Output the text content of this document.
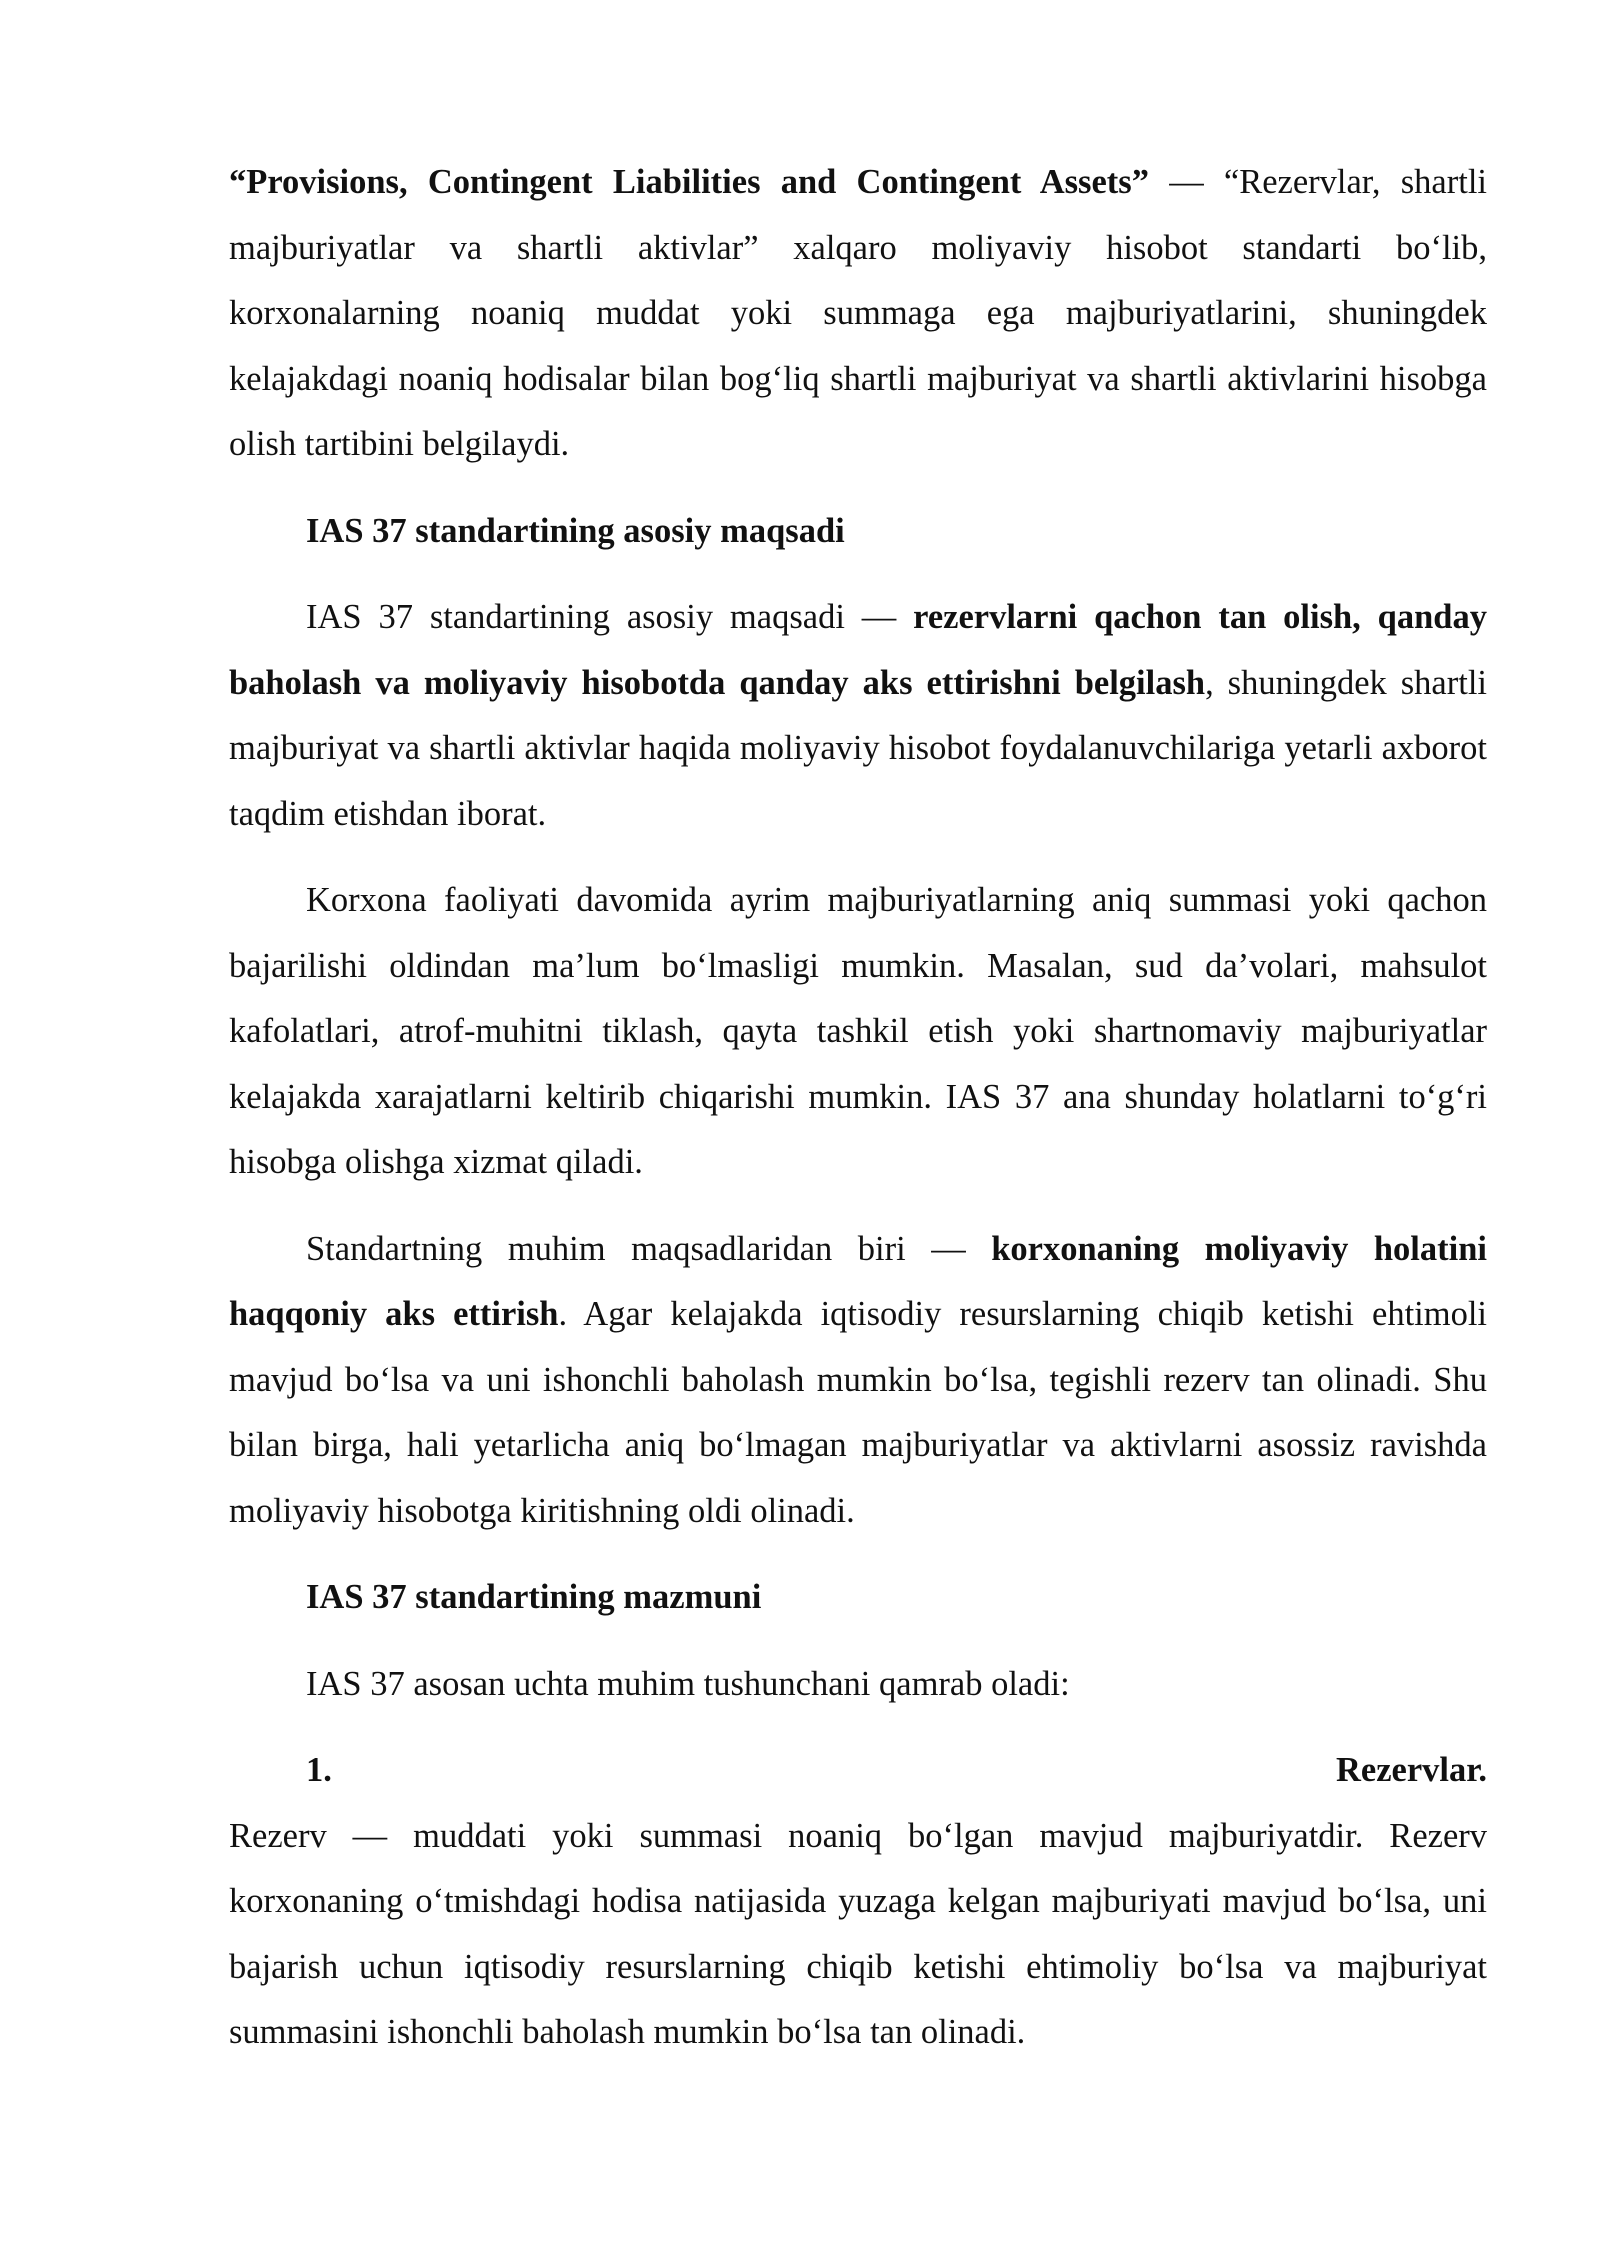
“Provisions, Contingent Liabilities and Contingent Assets” — “Rezervlar, shartli majburiyatlar va shartli aktivlar” xalqaro moliyaviy hisobot standarti bo‘lib, korxonalarning noaniq muddat yoki summaga ega majburiyatlarini, shuningdek kelajakdagi noaniq hodisalar bilan bog‘liq shartli majburiyat va shartli aktivlarini hisobga olish tartibini belgilaydi.

IAS 37 standartining asosiy maqsadi

IAS 37 standartining asosiy maqsadi — rezervlarni qachon tan olish, qanday baholash va moliyaviy hisobotda qanday aks ettirishni belgilash, shuningdek shartli majburiyat va shartli aktivlar haqida moliyaviy hisobot foydalanuvchilariga yetarli axborot taqdim etishdan iborat.

Korxona faoliyati davomida ayrim majburiyatlarning aniq summasi yoki qachon bajarilishi oldindan ma’lum bo‘lmasligi mumkin. Masalan, sud da’volari, mahsulot kafolatlari, atrof-muhitni tiklash, qayta tashkil etish yoki shartnomaviy majburiyatlar kelajakda xarajatlarni keltirib chiqarishi mumkin. IAS 37 ana shunday holatlarni to‘g‘ri hisobga olishga xizmat qiladi.

Standartning muhim maqsadlaridan biri — korxonaning moliyaviy holatini haqqoniy aks ettirish. Agar kelajakda iqtisodiy resurslarning chiqib ketishi ehtimoli mavjud bo‘lsa va uni ishonchli baholash mumkin bo‘lsa, tegishli rezerv tan olinadi. Shu bilan birga, hali yetarlicha aniq bo‘lmagan majburiyatlar va aktivlarni asossiz ravishda moliyaviy hisobotga kiritishning oldi olinadi.

IAS 37 standartining mazmuni

IAS 37 asosan uchta muhim tushunchani qamrab oladi:

1.	Rezervlar.

Rezerv — muddati yoki summasi noaniq bo‘lgan mavjud majburiyatdir. Rezerv korxonaning o‘tmishdagi hodisa natijasida yuzaga kelgan majburiyati mavjud bo‘lsa, uni bajarish uchun iqtisodiy resurslarning chiqib ketishi ehtimoliy bo‘lsa va majburiyat summasini ishonchli baholash mumkin bo‘lsa tan olinadi.
